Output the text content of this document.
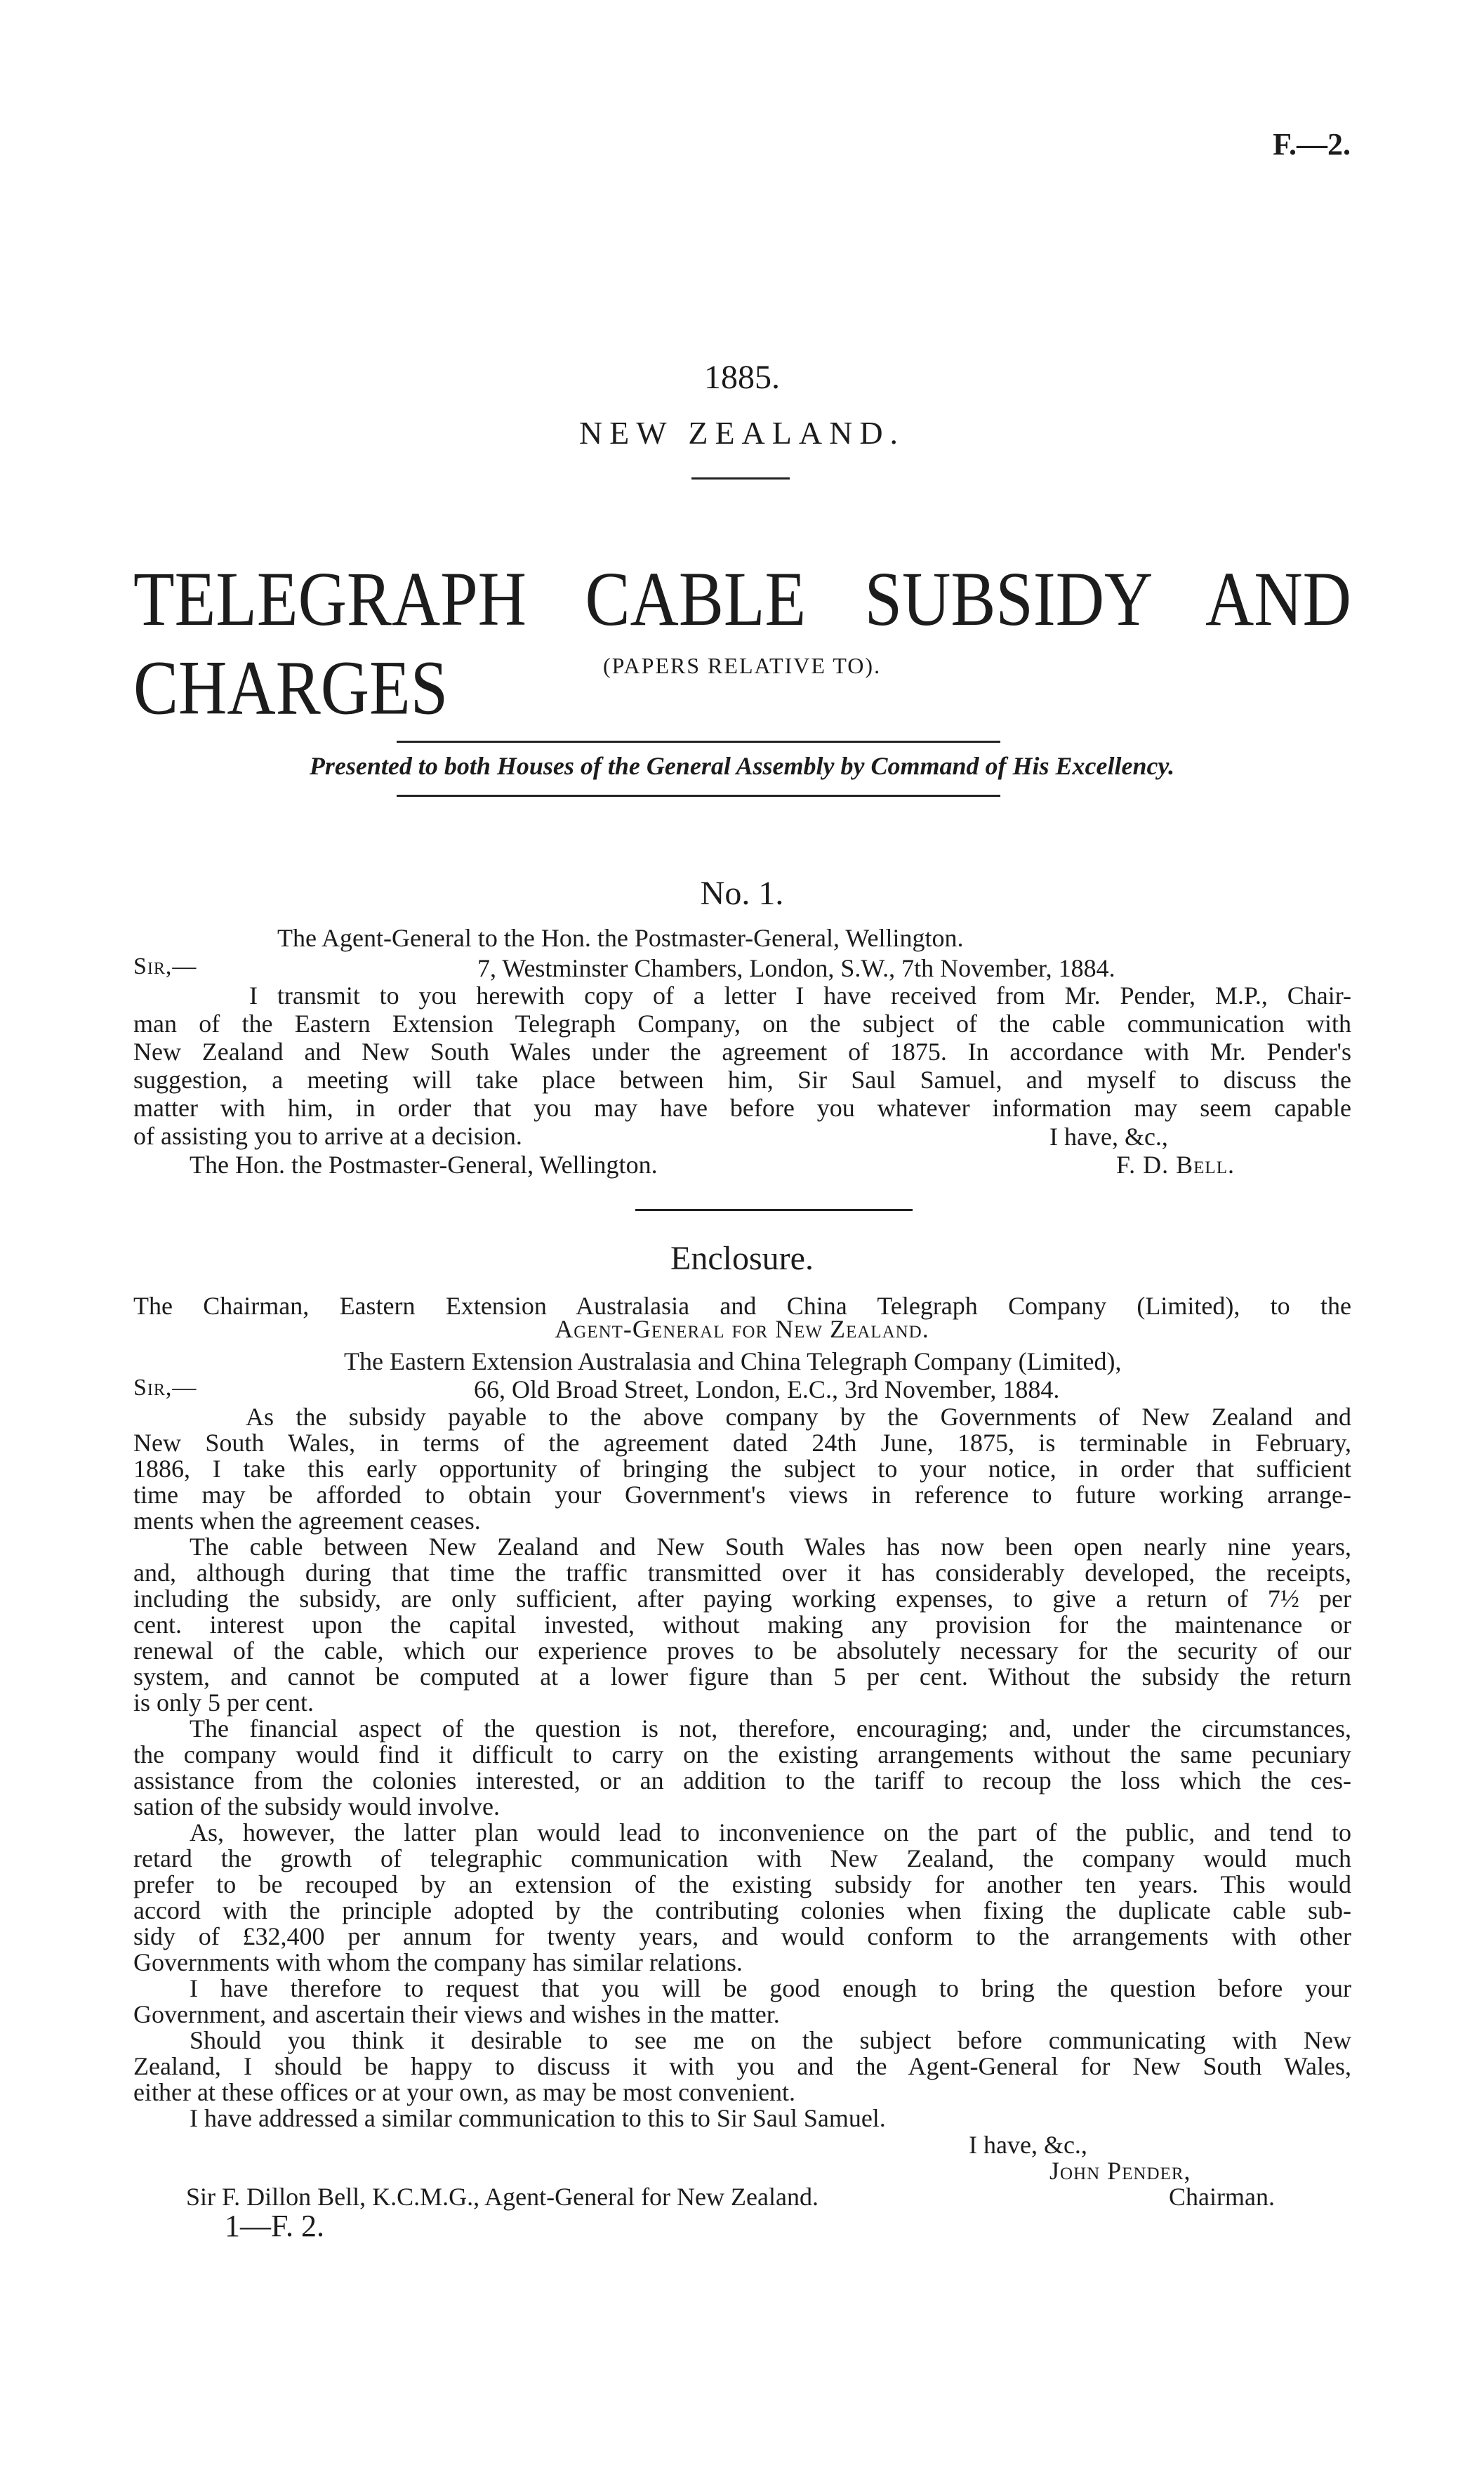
F.—2.
1885.
NEW ZEALAND.
TELEGRAPH CABLE SUBSIDY AND CHARGES	(PAPERS RELATIVE TO).
Presented to both Houses of the General Assembly by Command of His Excellency.
No. 1.
The Agent-General to the Hon. the Postmaster-General, Wellington.
Sir,—	7, Westminster Chambers, London, S.W., 7th November, 1884.
I transmit to you herewith copy of a letter I have received from Mr. Pender, M.P., Chair-
man of the Eastern Extension Telegraph Company, on the subject of the cable communication with
New Zealand and New South Wales under the agreement of 1875. In accordance with Mr. Pender's
suggestion, a meeting will take place between him, Sir Saul Samuel, and myself to discuss the
matter with him, in order that you may have before you whatever information may seem capable
of assisting you to arrive at a decision.	I have, &c.,
The Hon. the Postmaster-General, Wellington.	F. D. Bell.
Enclosure.
The Chairman, Eastern Extension Australasia and China Telegraph Company (Limited), to the
Agent-General for New Zealand.
The Eastern Extension Australasia and China Telegraph Company (Limited),
Sir,—	66, Old Broad Street, London, E.C., 3rd November, 1884.
As the subsidy payable to the above company by the Governments of New Zealand and
New South Wales, in terms of the agreement dated 24th June, 1875, is terminable in February,
1886, I take this early opportunity of bringing the subject to your notice, in order that sufficient
time may be afforded to obtain your Government's views in reference to future working arrange-
ments when the agreement ceases.
The cable between New Zealand and New South Wales has now been open nearly nine years,
and, although during that time the traffic transmitted over it has considerably developed, the receipts,
including the subsidy, are only sufficient, after paying working expenses, to give a return of 7½ per
cent. interest upon the capital invested, without making any provision for the maintenance or
renewal of the cable, which our experience proves to be absolutely necessary for the security of our
system, and cannot be computed at a lower figure than 5 per cent. Without the subsidy the return
is only 5 per cent.
The financial aspect of the question is not, therefore, encouraging; and, under the circumstances,
the company would find it difficult to carry on the existing arrangements without the same pecuniary
assistance from the colonies interested, or an addition to the tariff to recoup the loss which the ces-
sation of the subsidy would involve.
As, however, the latter plan would lead to inconvenience on the part of the public, and tend to
retard the growth of telegraphic communication with New Zealand, the company would much
prefer to be recouped by an extension of the existing subsidy for another ten years. This would
accord with the principle adopted by the contributing colonies when fixing the duplicate cable sub-
sidy of £32,400 per annum for twenty years, and would conform to the arrangements with other
Governments with whom the company has similar relations.
I have therefore to request that you will be good enough to bring the question before your
Government, and ascertain their views and wishes in the matter.
Should you think it desirable to see me on the subject before communicating with New
Zealand, I should be happy to discuss it with you and the Agent-General for New South Wales,
either at these offices or at your own, as may be most convenient.
I have addressed a similar communication to this to Sir Saul Samuel.
I have, &c.,
John Pender,
Sir F. Dillon Bell, K.C.M.G., Agent-General for New Zealand.	Chairman.
1—F. 2.
